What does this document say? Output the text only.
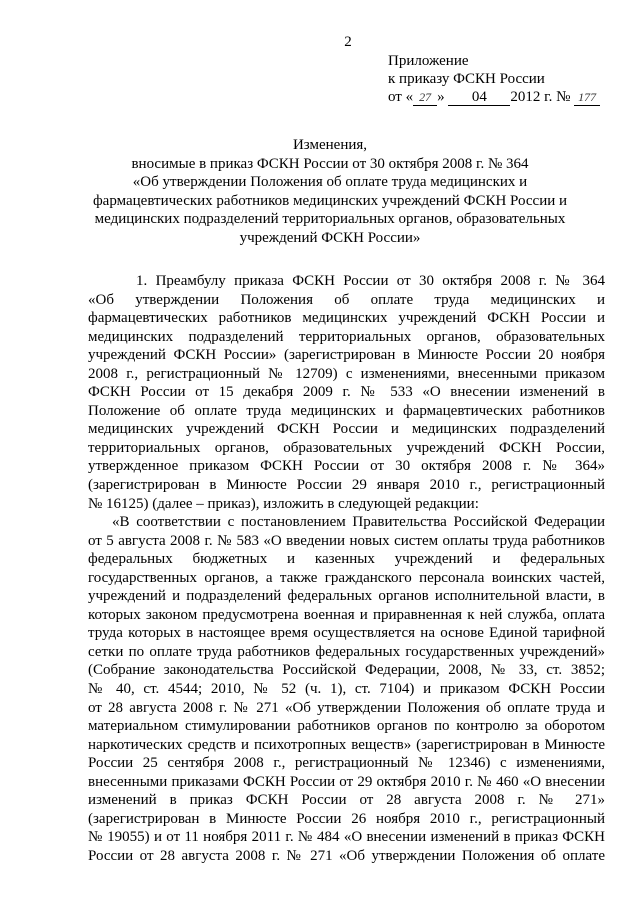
2
Приложение
к приказу ФСКН России
от « 27 » 04 2012 г. № 177
Изменения,
вносимые в приказ ФСКН России от 30 октября 2008 г. № 364
«Об утверждении Положения об оплате труда медицинских и
фармацевтических работников медицинских учреждений ФСКН России и
медицинских подразделений территориальных органов, образовательных
учреждений ФСКН России»
1. Преамбулу приказа ФСКН России от 30 октября 2008 г. № 364
«Об утверждении Положения об оплате труда медицинских и
фармацевтических работников медицинских учреждений ФСКН России и
медицинских подразделений территориальных органов, образовательных
учреждений ФСКН России» (зарегистрирован в Минюсте России 20 ноября
2008 г., регистрационный № 12709) с изменениями, внесенными приказом
ФСКН России от 15 декабря 2009 г. № 533 «О внесении изменений в
Положение об оплате труда медицинских и фармацевтических работников
медицинских учреждений ФСКН России и медицинских подразделений
территориальных органов, образовательных учреждений ФСКН России,
утвержденное приказом ФСКН России от 30 октября 2008 г. № 364»
(зарегистрирован в Минюсте России 29 января 2010 г., регистрационный
№ 16125) (далее – приказ), изложить в следующей редакции:
«В соответствии с постановлением Правительства Российской Федерации
от 5 августа 2008 г. № 583 «О введении новых систем оплаты труда работников
федеральных бюджетных и казенных учреждений и федеральных
государственных органов, а также гражданского персонала воинских частей,
учреждений и подразделений федеральных органов исполнительной власти, в
которых законом предусмотрена военная и приравненная к ней служба, оплата
труда которых в настоящее время осуществляется на основе Единой тарифной
сетки по оплате труда работников федеральных государственных учреждений»
(Собрание законодательства Российской Федерации, 2008, № 33, ст. 3852;
№ 40, ст. 4544; 2010, № 52 (ч. 1), ст. 7104) и приказом ФСКН России
от 28 августа 2008 г. № 271 «Об утверждении Положения об оплате труда и
материальном стимулировании работников органов по контролю за оборотом
наркотических средств и психотропных веществ» (зарегистрирован в Минюсте
России 25 сентября 2008 г., регистрационный № 12346) с изменениями,
внесенными приказами ФСКН России от 29 октября 2010 г. № 460 «О внесении
изменений в приказ ФСКН России от 28 августа 2008 г. № 271»
(зарегистрирован в Минюсте России 26 ноября 2010 г., регистрационный
№ 19055) и от 11 ноября 2011 г. № 484 «О внесении изменений в приказ ФСКН
России от 28 августа 2008 г. № 271 «Об утверждении Положения об оплате
